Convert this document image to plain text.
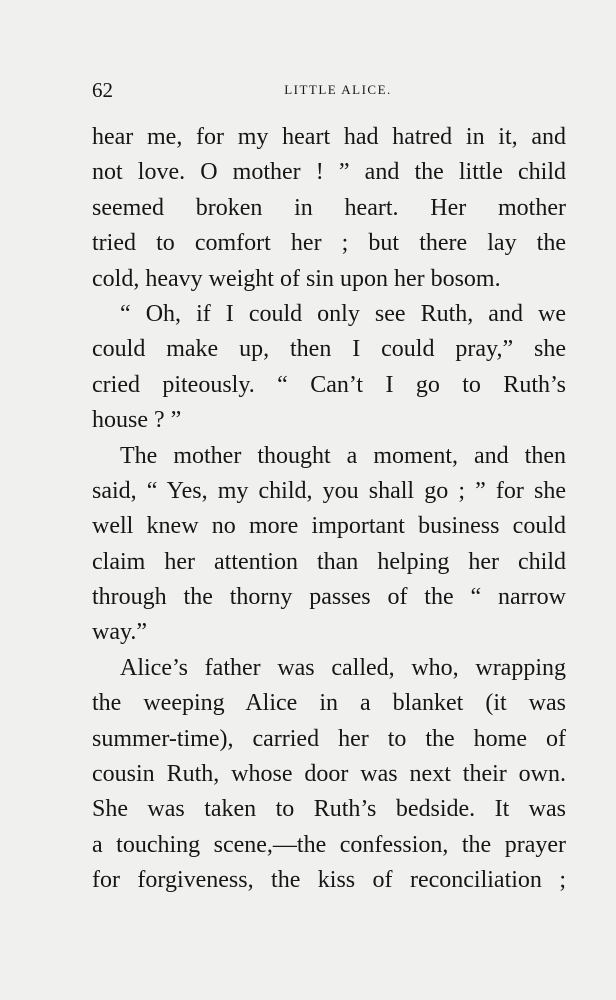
62	LITTLE ALICE.
hear me, for my heart had hatred in it, and
not love. O mother ! ” and the little child
seemed broken in heart. Her mother
tried to comfort her ; but there lay the
cold, heavy weight of sin upon her bosom.
“ Oh, if I could only see Ruth, and we
could make up, then I could pray,” she
cried piteously. “ Can’t I go to Ruth’s
house ? ”
The mother thought a moment, and then
said, “ Yes, my child, you shall go ; ” for she
well knew no more important business could
claim her attention than helping her child
through the thorny passes of the “ narrow
way.”
Alice’s father was called, who, wrapping
the weeping Alice in a blanket (it was
summer-time), carried her to the home of
cousin Ruth, whose door was next their own.
She was taken to Ruth’s bedside. It was
a touching scene,—the confession, the prayer
for forgiveness, the kiss of reconciliation ;
